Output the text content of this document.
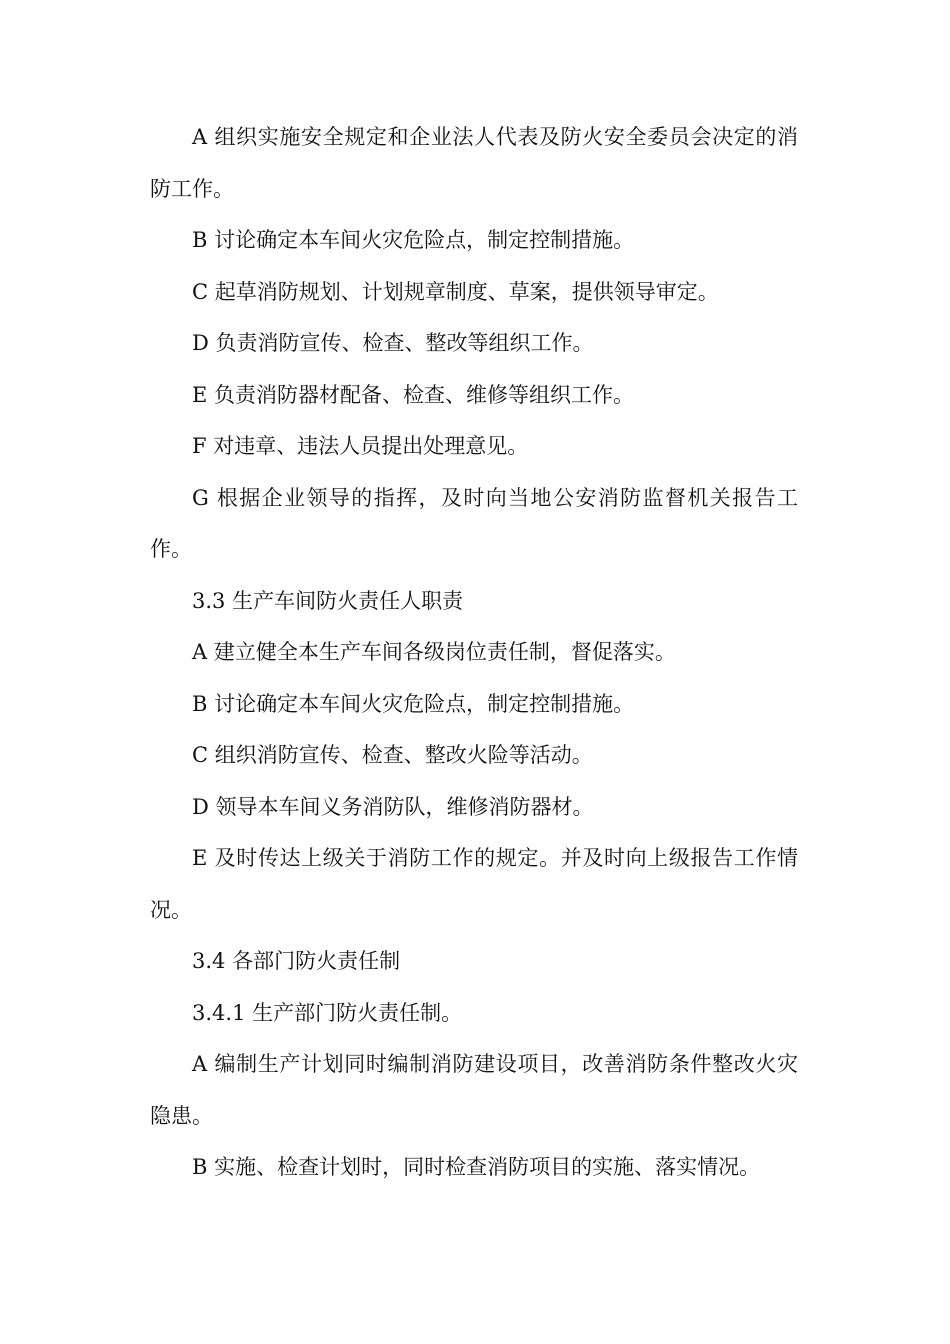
A 组织实施安全规定和企业法人代表及防火安全委员会决定的消防工作。

B 讨论确定本车间火灾危险点，制定控制措施。

C 起草消防规划、计划规章制度、草案，提供领导审定。

D 负责消防宣传、检查、整改等组织工作。

E 负责消防器材配备、检查、维修等组织工作。

F 对违章、违法人员提出处理意见。

G 根据企业领导的指挥，及时向当地公安消防监督机关报告工作。

3.3 生产车间防火责任人职责

A 建立健全本生产车间各级岗位责任制，督促落实。

B 讨论确定本车间火灾危险点，制定控制措施。

C 组织消防宣传、检查、整改火险等活动。

D 领导本车间义务消防队，维修消防器材。

E 及时传达上级关于消防工作的规定。并及时向上级报告工作情况。

3.4 各部门防火责任制

3.4.1 生产部门防火责任制。

A 编制生产计划同时编制消防建设项目，改善消防条件整改火灾隐患。

B 实施、检查计划时，同时检查消防项目的实施、落实情况。
